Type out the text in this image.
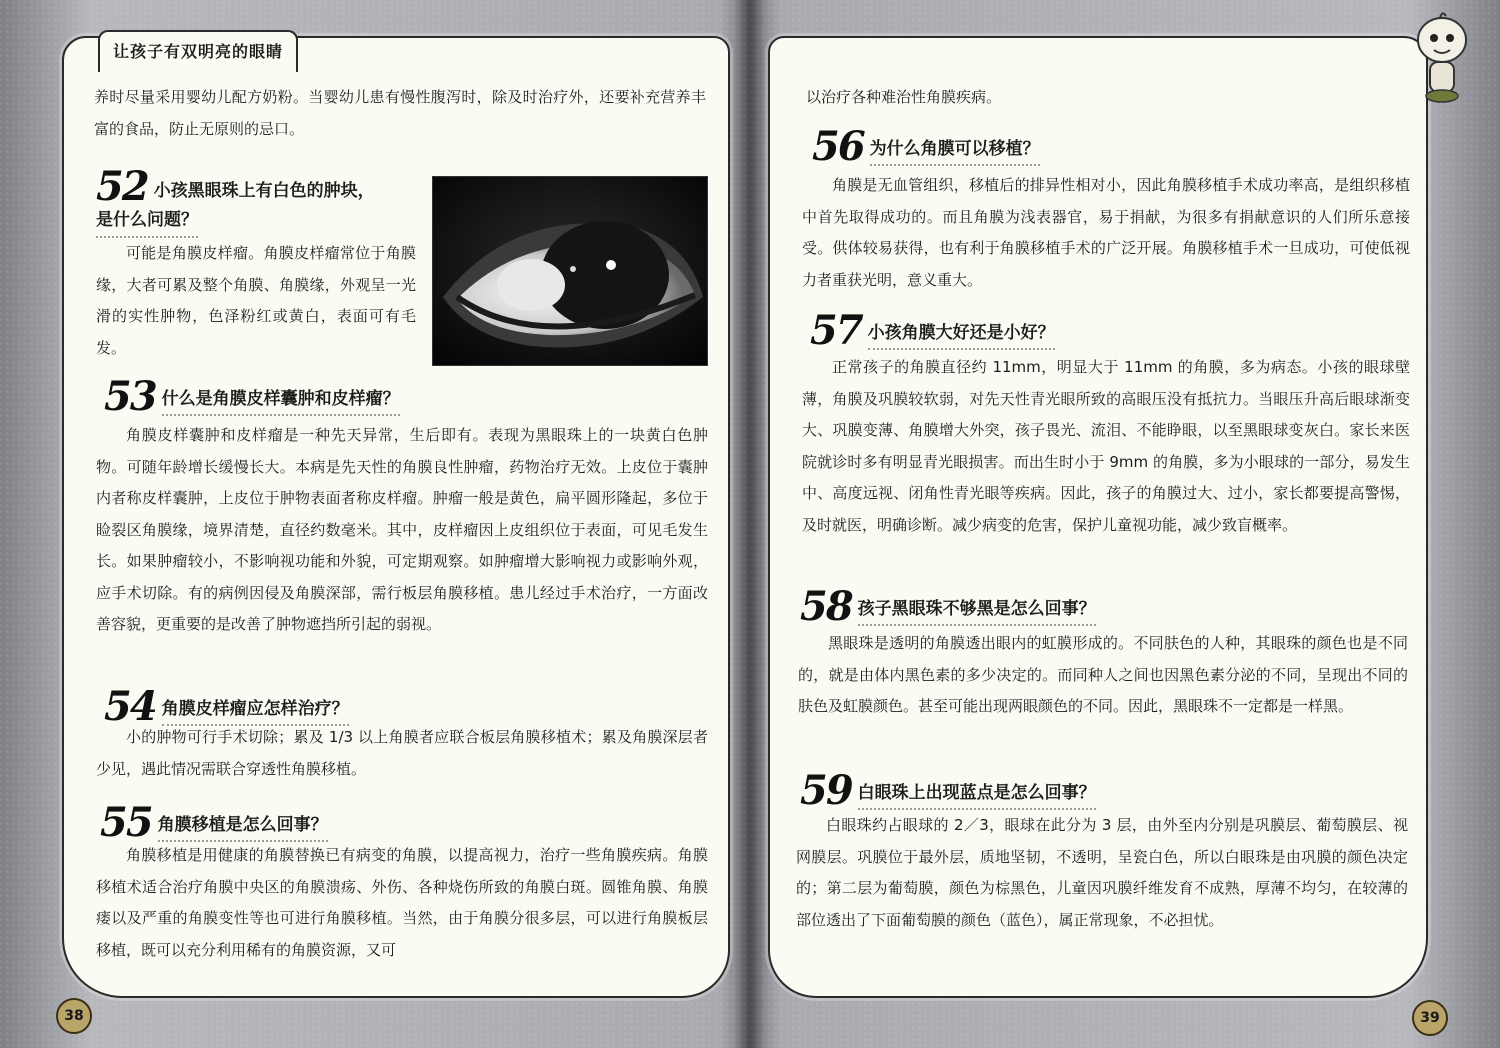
让孩子有双明亮的眼睛

养时尽量采用婴幼儿配方奶粉。当婴幼儿患有慢性腹泻时，除及时治疗外，还要补充营养丰富的食品，防止无原则的忌口。

52 小孩黑眼珠上有白色的肿块，
是什么问题？

可能是角膜皮样瘤。角膜皮样瘤常位于角膜缘，大者可累及整个角膜、角膜缘，外观呈一光滑的实性肿物，色泽粉红或黄白，表面可有毛发。

53 什么是角膜皮样囊肿和皮样瘤？

角膜皮样囊肿和皮样瘤是一种先天异常，生后即有。表现为黑眼珠上的一块黄白色肿物。可随年龄增长缓慢长大。本病是先天性的角膜良性肿瘤，药物治疗无效。上皮位于囊肿内者称皮样囊肿，上皮位于肿物表面者称皮样瘤。肿瘤一般是黄色，扁平圆形隆起，多位于睑裂区角膜缘，境界清楚，直径约数毫米。其中，皮样瘤因上皮组织位于表面，可见毛发生长。如果肿瘤较小，不影响视功能和外貌，可定期观察。如肿瘤增大影响视力或影响外观，应手术切除。有的病例因侵及角膜深部，需行板层角膜移植。患儿经过手术治疗，一方面改善容貌，更重要的是改善了肿物遮挡所引起的弱视。

54 角膜皮样瘤应怎样治疗？

小的肿物可行手术切除；累及 1/3 以上角膜者应联合板层角膜移植术；累及角膜深层者少见，遇此情况需联合穿透性角膜移植。

55 角膜移植是怎么回事？

角膜移植是用健康的角膜替换已有病变的角膜，以提高视力，治疗一些角膜疾病。角膜移植术适合治疗角膜中央区的角膜溃疡、外伤、各种烧伤所致的角膜白斑。圆锥角膜、角膜瘘以及严重的角膜变性等也可进行角膜移植。当然，由于角膜分很多层，可以进行角膜板层移植，既可以充分利用稀有的角膜资源，又可

38

以治疗各种难治性角膜疾病。

56 为什么角膜可以移植？

角膜是无血管组织，移植后的排异性相对小，因此角膜移植手术成功率高，是组织移植中首先取得成功的。而且角膜为浅表器官，易于捐献，为很多有捐献意识的人们所乐意接受。供体较易获得，也有利于角膜移植手术的广泛开展。角膜移植手术一旦成功，可使低视力者重获光明，意义重大。

57 小孩角膜大好还是小好？

正常孩子的角膜直径约 11mm，明显大于 11mm 的角膜，多为病态。小孩的眼球壁薄，角膜及巩膜较软弱，对先天性青光眼所致的高眼压没有抵抗力。当眼压升高后眼球渐变大、巩膜变薄、角膜增大外突，孩子畏光、流泪、不能睁眼，以至黑眼球变灰白。家长来医院就诊时多有明显青光眼损害。而出生时小于 9mm 的角膜，多为小眼球的一部分，易发生中、高度远视、闭角性青光眼等疾病。因此，孩子的角膜过大、过小，家长都要提高警惕，及时就医，明确诊断。减少病变的危害，保护儿童视功能，减少致盲概率。

58 孩子黑眼珠不够黑是怎么回事？

黑眼珠是透明的角膜透出眼内的虹膜形成的。不同肤色的人种，其眼珠的颜色也是不同的，就是由体内黑色素的多少决定的。而同种人之间也因黑色素分泌的不同，呈现出不同的肤色及虹膜颜色。甚至可能出现两眼颜色的不同。因此，黑眼珠不一定都是一样黑。

59 白眼珠上出现蓝点是怎么回事？

白眼珠约占眼球的 2／3，眼球在此分为 3 层，由外至内分别是巩膜层、葡萄膜层、视网膜层。巩膜位于最外层，质地坚韧，不透明，呈瓷白色，所以白眼珠是由巩膜的颜色决定的；第二层为葡萄膜，颜色为棕黑色，儿童因巩膜纤维发育不成熟，厚薄不均匀，在较薄的部位透出了下面葡萄膜的颜色（蓝色），属正常现象，不必担忧。

39
